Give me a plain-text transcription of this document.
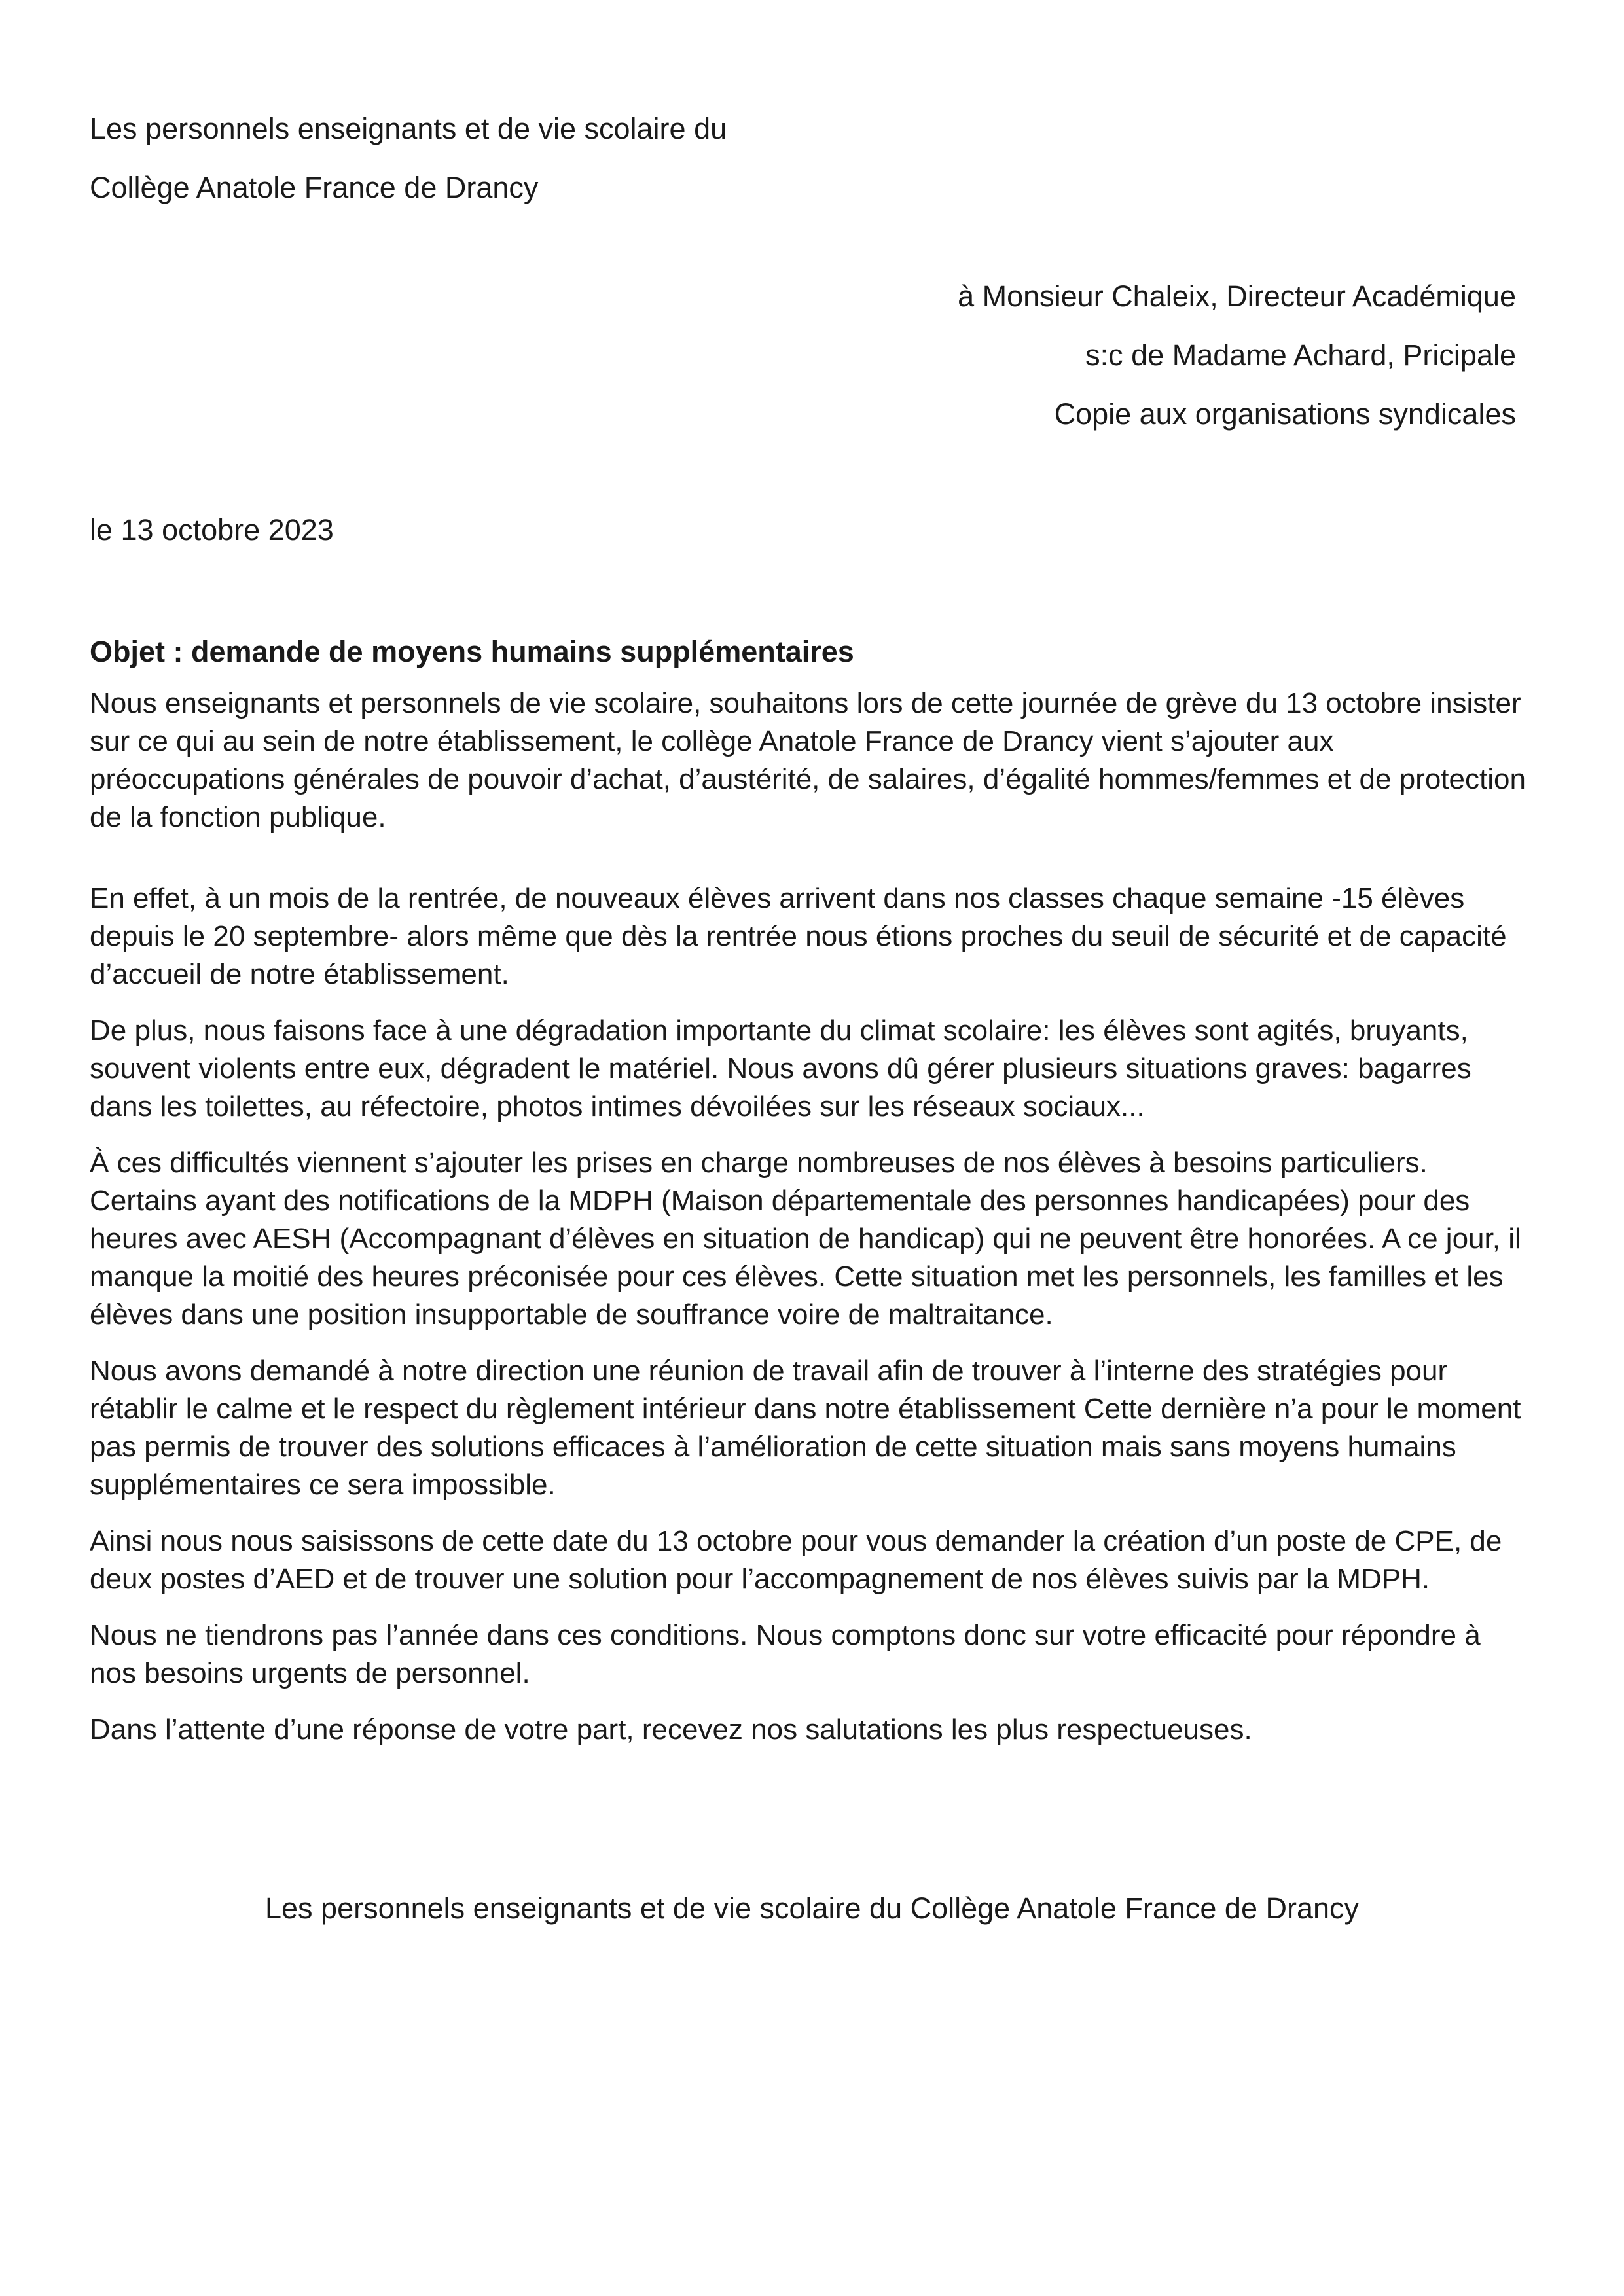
Les personnels enseignants et de vie scolaire du
Collège Anatole France de Drancy
à Monsieur Chaleix, Directeur Académique
s:c de Madame Achard, Pricipale
Copie aux organisations syndicales
le 13 octobre 2023
Objet : demande de moyens humains supplémentaires

Nous enseignants et personnels de vie scolaire, souhaitons lors de cette journée de grève du 13 octobre insister sur ce qui au sein de notre établissement, le collège Anatole France de Drancy vient s’ajouter aux préoccupations générales de pouvoir d’achat, d’austérité, de salaires, d’égalité hommes/femmes et de protection de la fonction publique.

En effet, à un mois de la rentrée, de nouveaux élèves arrivent dans nos classes chaque semaine -15 élèves depuis le 20 septembre- alors même que dès la rentrée nous étions proches du seuil de sécurité et de capacité d’accueil de notre établissement.

De plus, nous faisons face à une dégradation importante du climat scolaire: les élèves sont agités, bruyants, souvent violents entre eux, dégradent le matériel. Nous avons dû gérer plusieurs situations graves: bagarres dans les toilettes, au réfectoire, photos intimes dévoilées sur les réseaux sociaux...

À ces difficultés viennent s’ajouter les prises en charge nombreuses de nos élèves à besoins particuliers. Certains ayant des notifications de la MDPH (Maison départementale des personnes handicapées) pour des heures avec AESH (Accompagnant d’élèves en situation de handicap) qui ne peuvent être honorées. A ce jour, il manque la moitié des heures préconisée pour ces élèves. Cette situation met les personnels, les familles et les élèves dans une position insupportable de souffrance voire de maltraitance.

Nous avons demandé à notre direction une réunion de travail afin de trouver à l’interne des stratégies pour rétablir le calme et le respect du règlement intérieur dans notre établissement Cette dernière n’a pour le moment pas permis de trouver des solutions efficaces à l’amélioration de cette situation mais sans moyens humains supplémentaires ce sera impossible.

Ainsi nous nous saisissons de cette date du 13 octobre pour vous demander la création d’un poste de CPE, de deux postes d’AED et de trouver une solution pour l’accompagnement de nos élèves suivis par la MDPH.

Nous ne tiendrons pas l’année dans ces conditions. Nous comptons donc sur votre efficacité pour répondre à nos besoins urgents de personnel.

Dans l’attente d’une réponse de votre part, recevez nos salutations les plus respectueuses.

Les personnels enseignants et de vie scolaire du Collège Anatole France de Drancy
